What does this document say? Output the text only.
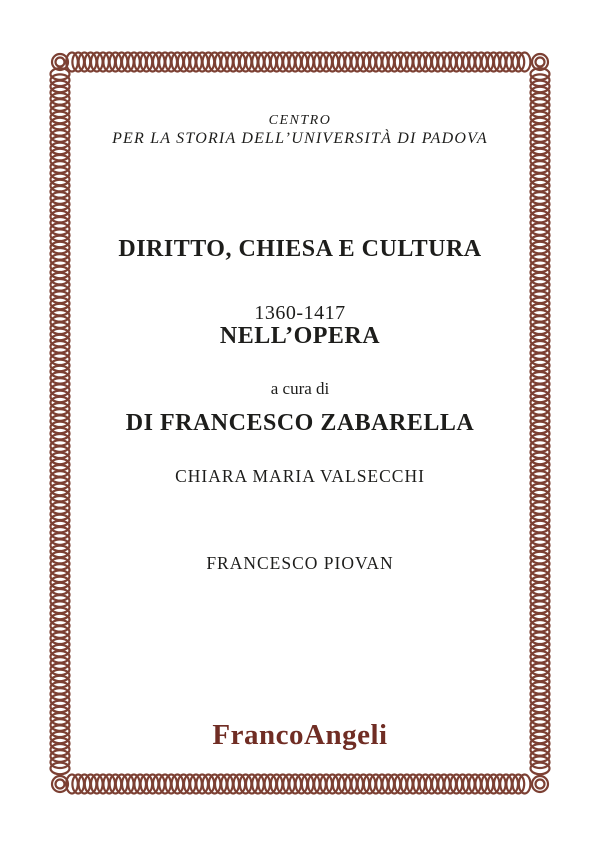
CENTRO
PER LA STORIA DELL’UNIVERSITÀ DI PADOVA

DIRITTO, CHIESA E CULTURA

NELL’OPERA

DI FRANCESCO ZABARELLA

1360-1417
a cura di

CHIARA MARIA VALSECCHI

FRANCESCO PIOVAN

FrancoAngeli
